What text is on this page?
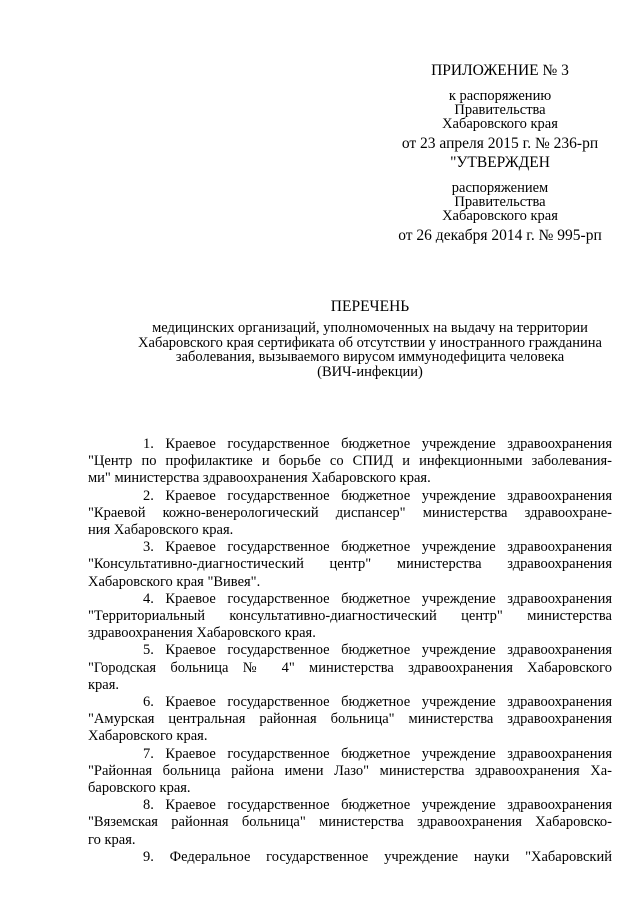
ПРИЛОЖЕНИЕ № 3
к распоряжению
Правительства
Хабаровского края
от 23 апреля 2015 г. № 236-рп
"УТВЕРЖДЕН
распоряжением
Правительства
Хабаровского края
от 26 декабря 2014 г. № 995-рп
ПЕРЕЧЕНЬ
медицинских организаций, уполномоченных на выдачу на территории
Хабаровского края сертификата об отсутствии у иностранного гражданина
заболевания, вызываемого вирусом иммунодефицита человека
(ВИЧ-инфекции)
1. Краевое государственное бюджетное учреждение здравоохранения
"Центр по профилактике и борьбе со СПИД и инфекционными заболевания-
ми" министерства здравоохранения Хабаровского края.
2. Краевое государственное бюджетное учреждение здравоохранения
"Краевой кожно-венерологический диспансер" министерства здравоохране-
ния Хабаровского края.
3. Краевое государственное бюджетное учреждение здравоохранения
"Консультативно-диагностический центр" министерства здравоохранения
Хабаровского края "Вивея".
4. Краевое государственное бюджетное учреждение здравоохранения
"Территориальный консультативно-диагностический центр" министерства
здравоохранения Хабаровского края.
5. Краевое государственное бюджетное учреждение здравоохранения
"Городская больница № 4" министерства здравоохранения Хабаровского
края.
6. Краевое государственное бюджетное учреждение здравоохранения
"Амурская центральная районная больница" министерства здравоохранения
Хабаровского края.
7. Краевое государственное бюджетное учреждение здравоохранения
"Районная больница района имени Лазо" министерства здравоохранения Ха-
баровского края.
8. Краевое государственное бюджетное учреждение здравоохранения
"Вяземская районная больница" министерства здравоохранения Хабаровско-
го края.
9. Федеральное государственное учреждение науки "Хабаровский
